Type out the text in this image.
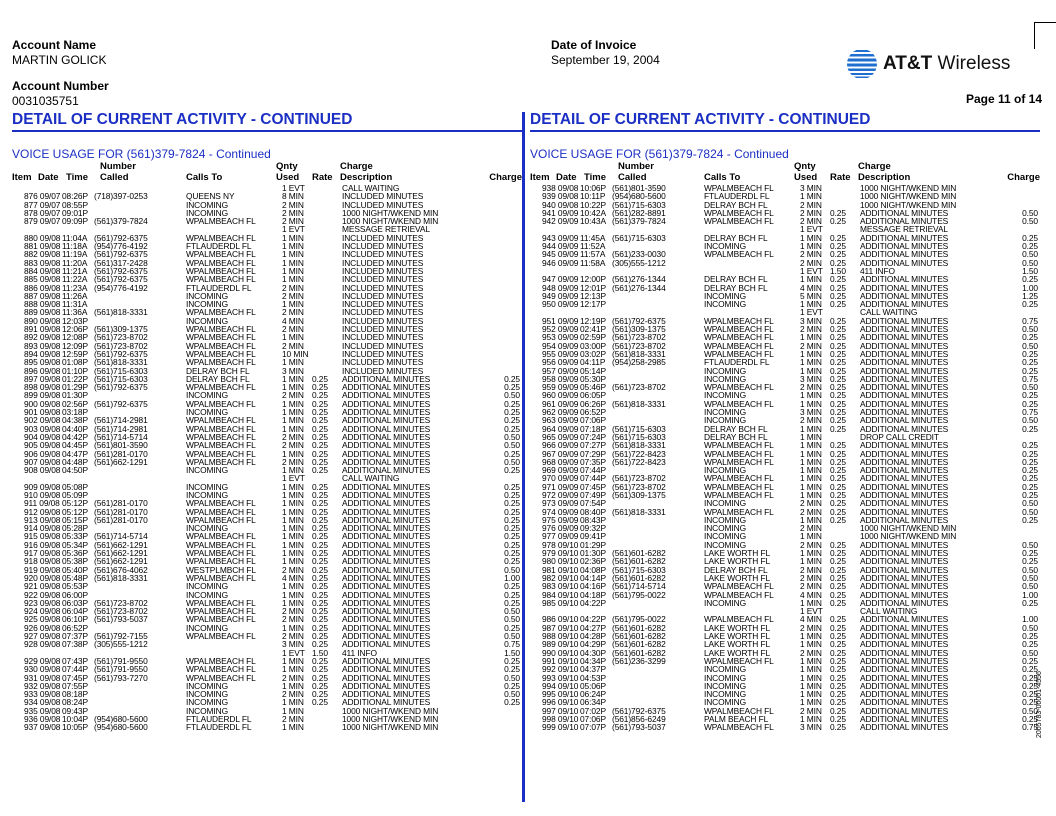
Account Name
MARTIN GOLICK
Account Number
0031035751
Date of Invoice
September 19, 2004	AT&T Wireless
Page 11 of 14
DETAIL OF CURRENT ACTIVITY - CONTINUED
VOICE USAGE FOR (561)379-7824 - Continued
Number	Qnty	Charge
Item Date Time Called	Calls To	Used Rate Description	Charge
1 EVT	CALL WAITING
876 09/07 08:26P (718)397-0253	QUEENS NY	8 MIN	INCLUDED MINUTES
877 09/07 08:55P	INCOMING	2 MIN	INCLUDED MINUTES
878 09/07 09:01P	INCOMING	2 MIN	1000 NIGHT/WKEND MIN
879 09/07 09:09P (561)379-7824	WPALMBEACH FL	2 MIN	1000 NIGHT/WKEND MIN
1 EVT	MESSAGE RETRIEVAL
880 09/08 11:04A (561)792-6375	WPALMBEACH FL	1 MIN	INCLUDED MINUTES
881 09/08 11:18A (954)776-4192	FTLAUDERDL FL	1 MIN	INCLUDED MINUTES
882 09/08 11:19A (561)792-6375	WPALMBEACH FL	1 MIN	INCLUDED MINUTES
883 09/08 11:20A (561)317-2428	WPALMBEACH FL	1 MIN	INCLUDED MINUTES
884 09/08 11:21A (561)792-6375	WPALMBEACH FL	1 MIN	INCLUDED MINUTES
885 09/08 11:22A (561)792-6375	WPALMBEACH FL	1 MIN	INCLUDED MINUTES
886 09/08 11:23A (954)776-4192	FTLAUDERDL FL	2 MIN	INCLUDED MINUTES
887 09/08 11:26A	INCOMING	2 MIN	INCLUDED MINUTES
888 09/08 11:31A	INCOMING	1 MIN	INCLUDED MINUTES
889 09/08 11:36A (561)818-3331	WPALMBEACH FL	2 MIN	INCLUDED MINUTES
890 09/08 12:03P	INCOMING	4 MIN	INCLUDED MINUTES
891 09/08 12:06P (561)309-1375	WPALMBEACH FL	2 MIN	INCLUDED MINUTES
892 09/08 12:08P (561)723-8702	WPALMBEACH FL	1 MIN	INCLUDED MINUTES
893 09/08 12:09P (561)723-8702	WPALMBEACH FL	2 MIN	INCLUDED MINUTES
894 09/08 12:59P (561)792-6375	WPALMBEACH FL	10 MIN	INCLUDED MINUTES
895 09/08 01:08P (561)818-3331	WPALMBEACH FL	1 MIN	INCLUDED MINUTES
896 09/08 01:10P (561)715-6303	DELRAY BCH FL	3 MIN	INCLUDED MINUTES
897 09/08 01:22P (561)715-6303	DELRAY BCH FL	1 MIN 0.25 ADDITIONAL MINUTES	0.25
898 09/08 01:29P (561)792-6375	WPALMBEACH FL	1 MIN 0.25 ADDITIONAL MINUTES	0.25
899 09/08 01:30P	INCOMING	2 MIN 0.25 ADDITIONAL MINUTES	0.50
900 09/08 02:56P (561)792-6375	WPALMBEACH FL	1 MIN 0.25 ADDITIONAL MINUTES	0.25
901 09/08 03:18P	INCOMING	1 MIN 0.25 ADDITIONAL MINUTES	0.25
902 09/08 04:38P (561)714-2981	WPALMBEACH FL	1 MIN 0.25 ADDITIONAL MINUTES	0.25
903 09/08 04:40P (561)714-2981	WPALMBEACH FL	1 MIN 0.25 ADDITIONAL MINUTES	0.25
904 09/08 04:42P (561)714-5714	WPALMBEACH FL	2 MIN 0.25 ADDITIONAL MINUTES	0.50
905 09/08 04:45P (561)801-3590	WPALMBEACH FL	2 MIN 0.25 ADDITIONAL MINUTES	0.50
906 09/08 04:47P (561)281-0170	WPALMBEACH FL	1 MIN 0.25 ADDITIONAL MINUTES	0.25
907 09/08 04:48P (561)662-1291	WPALMBEACH FL	2 MIN 0.25 ADDITIONAL MINUTES	0.50
908 09/08 04:50P	INCOMING	1 MIN 0.25 ADDITIONAL MINUTES	0.25
1 EVT	CALL WAITING
909 09/08 05:08P	INCOMING	1 MIN 0.25 ADDITIONAL MINUTES	0.25
910 09/08 05:09P	INCOMING	1 MIN 0.25 ADDITIONAL MINUTES	0.25
911 09/08 05:12P (561)281-0170	WPALMBEACH FL	1 MIN 0.25 ADDITIONAL MINUTES	0.25
912 09/08 05:12P (561)281-0170	WPALMBEACH FL	1 MIN 0.25 ADDITIONAL MINUTES	0.25
913 09/08 05:15P (561)281-0170	WPALMBEACH FL	1 MIN 0.25 ADDITIONAL MINUTES	0.25
914 09/08 05:28P	INCOMING	1 MIN 0.25 ADDITIONAL MINUTES	0.25
915 09/08 05:33P (561)714-5714	WPALMBEACH FL	1 MIN 0.25 ADDITIONAL MINUTES	0.25
916 09/08 05:34P (561)662-1291	WPALMBEACH FL	1 MIN 0.25 ADDITIONAL MINUTES	0.25
917 09/08 05:36P (561)662-1291	WPALMBEACH FL	1 MIN 0.25 ADDITIONAL MINUTES	0.25
918 09/08 05:38P (561)662-1291	WPALMBEACH FL	1 MIN 0.25 ADDITIONAL MINUTES	0.25
919 09/08 05:40P (561)676-4062	WESTPLMBCH FL	2 MIN 0.25 ADDITIONAL MINUTES	0.50
920 09/08 05:48P (561)818-3331	WPALMBEACH FL	4 MIN 0.25 ADDITIONAL MINUTES	1.00
921 09/08 05:53P	INCOMING	1 MIN 0.25 ADDITIONAL MINUTES	0.25
922 09/08 06:00P	INCOMING	1 MIN 0.25 ADDITIONAL MINUTES	0.25
923 09/08 06:03P (561)723-8702	WPALMBEACH FL	1 MIN 0.25 ADDITIONAL MINUTES	0.25
924 09/08 06:04P (561)723-8702	WPALMBEACH FL	2 MIN 0.25 ADDITIONAL MINUTES	0.50
925 09/08 06:10P (561)793-5037	WPALMBEACH FL	2 MIN 0.25 ADDITIONAL MINUTES	0.50
926 09/08 06:52P	INCOMING	1 MIN 0.25 ADDITIONAL MINUTES	0.25
927 09/08 07:37P (561)792-7155	WPALMBEACH FL	2 MIN 0.25 ADDITIONAL MINUTES	0.50
928 09/08 07:38P (305)555-1212	3 MIN 0.25 ADDITIONAL MINUTES	0.75
1 EVT 1.50 411 INFO	1.50
929 09/08 07:43P (561)791-9550	WPALMBEACH FL	1 MIN 0.25 ADDITIONAL MINUTES	0.25
930 09/08 07:44P (561)791-9550	WPALMBEACH FL	1 MIN 0.25 ADDITIONAL MINUTES	0.25
931 09/08 07:45P (561)793-7270	WPALMBEACH FL	2 MIN 0.25 ADDITIONAL MINUTES	0.50
932 09/08 07:55P	INCOMING	1 MIN 0.25 ADDITIONAL MINUTES	0.25
933 09/08 08:18P	INCOMING	2 MIN 0.25 ADDITIONAL MINUTES	0.50
934 09/08 08:24P	INCOMING	1 MIN 0.25 ADDITIONAL MINUTES	0.25
935 09/08 09:43P	INCOMING	1 MIN	1000 NIGHT/WKEND MIN
936 09/08 10:04P (954)680-5600	FTLAUDERDL FL	2 MIN	1000 NIGHT/WKEND MIN
937 09/08 10:05P (954)680-5600	FTLAUDERDL FL	1 MIN	1000 NIGHT/WKEND MIN
DETAIL OF CURRENT ACTIVITY - CONTINUED
VOICE USAGE FOR (561)379-7824 - Continued
Number	Qnty	Charge
Item Date Time Called	Calls To	Used Rate Description	Charge
938 09/08 10:06P (561)801-3590	WPALMBEACH FL	3 MIN	1000 NIGHT/WKEND MIN
939 09/08 10:11P (954)680-5600	FTLAUDERDL FL	1 MIN	1000 NIGHT/WKEND MIN
940 09/08 10:22P (561)715-6303	DELRAY BCH FL	2 MIN	1000 NIGHT/WKEND MIN
941 09/09 10:42A (561)282-8891	WPALMBEACH FL	2 MIN 0.25 ADDITIONAL MINUTES	0.50
942 09/09 10:43A (561)379-7824	WPALMBEACH FL	2 MIN 0.25 ADDITIONAL MINUTES	0.50
1 EVT	MESSAGE RETRIEVAL
943 09/09 11:45A (561)715-6303	DELRAY BCH FL	1 MIN 0.25 ADDITIONAL MINUTES	0.25
944 09/09 11:52A	INCOMING	1 MIN 0.25 ADDITIONAL MINUTES	0.25
945 09/09 11:57A (561)233-0030	WPALMBEACH FL	2 MIN 0.25 ADDITIONAL MINUTES	0.50
946 09/09 11:58A (305)555-1212	2 MIN 0.25 ADDITIONAL MINUTES	0.50
1 EVT 1.50 411 INFO	1.50
947 09/09 12:00P (561)276-1344	DELRAY BCH FL	1 MIN 0.25 ADDITIONAL MINUTES	0.25
948 09/09 12:01P (561)276-1344	DELRAY BCH FL	4 MIN 0.25 ADDITIONAL MINUTES	1.00
949 09/09 12:13P	INCOMING	5 MIN 0.25 ADDITIONAL MINUTES	1.25
950 09/09 12:17P	INCOMING	1 MIN 0.25 ADDITIONAL MINUTES	0.25
1 EVT	CALL WAITING
951 09/09 12:19P (561)792-6375	WPALMBEACH FL	3 MIN 0.25 ADDITIONAL MINUTES	0.75
952 09/09 02:41P (561)309-1375	WPALMBEACH FL	2 MIN 0.25 ADDITIONAL MINUTES	0.50
953 09/09 02:59P (561)723-8702	WPALMBEACH FL	1 MIN 0.25 ADDITIONAL MINUTES	0.25
954 09/09 03:00P (561)723-8702	WPALMBEACH FL	2 MIN 0.25 ADDITIONAL MINUTES	0.50
955 09/09 03:02P (561)818-3331	WPALMBEACH FL	1 MIN 0.25 ADDITIONAL MINUTES	0.25
956 09/09 04:11P (954)258-2985	FTLAUDERDL FL	1 MIN 0.25 ADDITIONAL MINUTES	0.25
957 09/09 05:14P	INCOMING	1 MIN 0.25 ADDITIONAL MINUTES	0.25
958 09/09 05:30P	INCOMING	3 MIN 0.25 ADDITIONAL MINUTES	0.75
959 09/09 05:46P (561)723-8702	WPALMBEACH FL	2 MIN 0.25 ADDITIONAL MINUTES	0.50
960 09/09 06:05P	INCOMING	1 MIN 0.25 ADDITIONAL MINUTES	0.25
961 09/09 06:26P (561)818-3331	WPALMBEACH FL	1 MIN 0.25 ADDITIONAL MINUTES	0.25
962 09/09 06:52P	INCOMING	3 MIN 0.25 ADDITIONAL MINUTES	0.75
963 09/09 07:06P	INCOMING	2 MIN 0.25 ADDITIONAL MINUTES	0.50
964 09/09 07:18P (561)715-6303	DELRAY BCH FL	1 MIN 0.25 ADDITIONAL MINUTES	0.25
965 09/09 07:24P (561)715-6303	DELRAY BCH FL	1 MIN	DROP CALL CREDIT
966 09/09 07:27P (561)818-3331	WPALMBEACH FL	1 MIN 0.25 ADDITIONAL MINUTES	0.25
967 09/09 07:29P (561)722-8423	WPALMBEACH FL	1 MIN 0.25 ADDITIONAL MINUTES	0.25
968 09/09 07:35P (561)722-8423	WPALMBEACH FL	1 MIN 0.25 ADDITIONAL MINUTES	0.25
969 09/09 07:44P	INCOMING	1 MIN 0.25 ADDITIONAL MINUTES	0.25
970 09/09 07:44P (561)723-8702	WPALMBEACH FL	1 MIN 0.25 ADDITIONAL MINUTES	0.25
971 09/09 07:45P (561)723-8702	WPALMBEACH FL	1 MIN 0.25 ADDITIONAL MINUTES	0.25
972 09/09 07:49P (561)309-1375	WPALMBEACH FL	1 MIN 0.25 ADDITIONAL MINUTES	0.25
973 09/09 07:54P	INCOMING	2 MIN 0.25 ADDITIONAL MINUTES	0.50
974 09/09 08:40P (561)818-3331	WPALMBEACH FL	2 MIN 0.25 ADDITIONAL MINUTES	0.50
975 09/09 08:43P	INCOMING	1 MIN 0.25 ADDITIONAL MINUTES	0.25
976 09/09 09:32P	INCOMING	2 MIN	1000 NIGHT/WKEND MIN
977 09/09 09:41P	INCOMING	1 MIN	1000 NIGHT/WKEND MIN
978 09/10 01:29P	INCOMING	2 MIN 0.25 ADDITIONAL MINUTES	0.50
979 09/10 01:30P (561)601-6282	LAKE WORTH FL	1 MIN 0.25 ADDITIONAL MINUTES	0.25
980 09/10 02:36P (561)601-6282	LAKE WORTH FL	1 MIN 0.25 ADDITIONAL MINUTES	0.25
981 09/10 04:08P (561)715-6303	DELRAY BCH FL	2 MIN 0.25 ADDITIONAL MINUTES	0.50
982 09/10 04:14P (561)601-6282	LAKE WORTH FL	2 MIN 0.25 ADDITIONAL MINUTES	0.50
983 09/10 04:16P (561)714-5714	WPALMBEACH FL	2 MIN 0.25 ADDITIONAL MINUTES	0.50
984 09/10 04:18P (561)795-0022	WPALMBEACH FL	4 MIN 0.25 ADDITIONAL MINUTES	1.00
985 09/10 04:22P	INCOMING	1 MIN 0.25 ADDITIONAL MINUTES	0.25
1 EVT	CALL WAITING
986 09/10 04:22P (561)795-0022	WPALMBEACH FL	4 MIN 0.25 ADDITIONAL MINUTES	1.00
987 09/10 04:27P (561)601-6282	LAKE WORTH FL	2 MIN 0.25 ADDITIONAL MINUTES	0.50
988 09/10 04:28P (561)601-6282	LAKE WORTH FL	1 MIN 0.25 ADDITIONAL MINUTES	0.25
989 09/10 04:29P (561)601-6282	LAKE WORTH FL	1 MIN 0.25 ADDITIONAL MINUTES	0.25
990 09/10 04:30P (561)601-6282	LAKE WORTH FL	2 MIN 0.25 ADDITIONAL MINUTES	0.50
991 09/10 04:34P (561)236-3299	WPALMBEACH FL	1 MIN 0.25 ADDITIONAL MINUTES	0.25
992 09/10 04:37P	INCOMING	1 MIN 0.25 ADDITIONAL MINUTES	0.25
993 09/10 04:53P	INCOMING	1 MIN 0.25 ADDITIONAL MINUTES	0.25
994 09/10 05:06P	INCOMING	1 MIN 0.25 ADDITIONAL MINUTES	0.25
995 09/10 06:24P	INCOMING	1 MIN 0.25 ADDITIONAL MINUTES	0.25
996 09/10 06:34P	INCOMING	1 MIN 0.25 ADDITIONAL MINUTES	0.25
997 09/10 07:02P (561)792-6375	WPALMBEACH FL	2 MIN 0.25 ADDITIONAL MINUTES	0.50
998 09/10 07:06P (561)856-6249	PALM BEACH FL	1 MIN 0.25 ADDITIONAL MINUTES	0.25
999 09/10 07:07P (561)793-5037	WPALMBEACH FL	3 MIN 0.25 ADDITIONAL MINUTES	0.75
2005783-00001-4556
